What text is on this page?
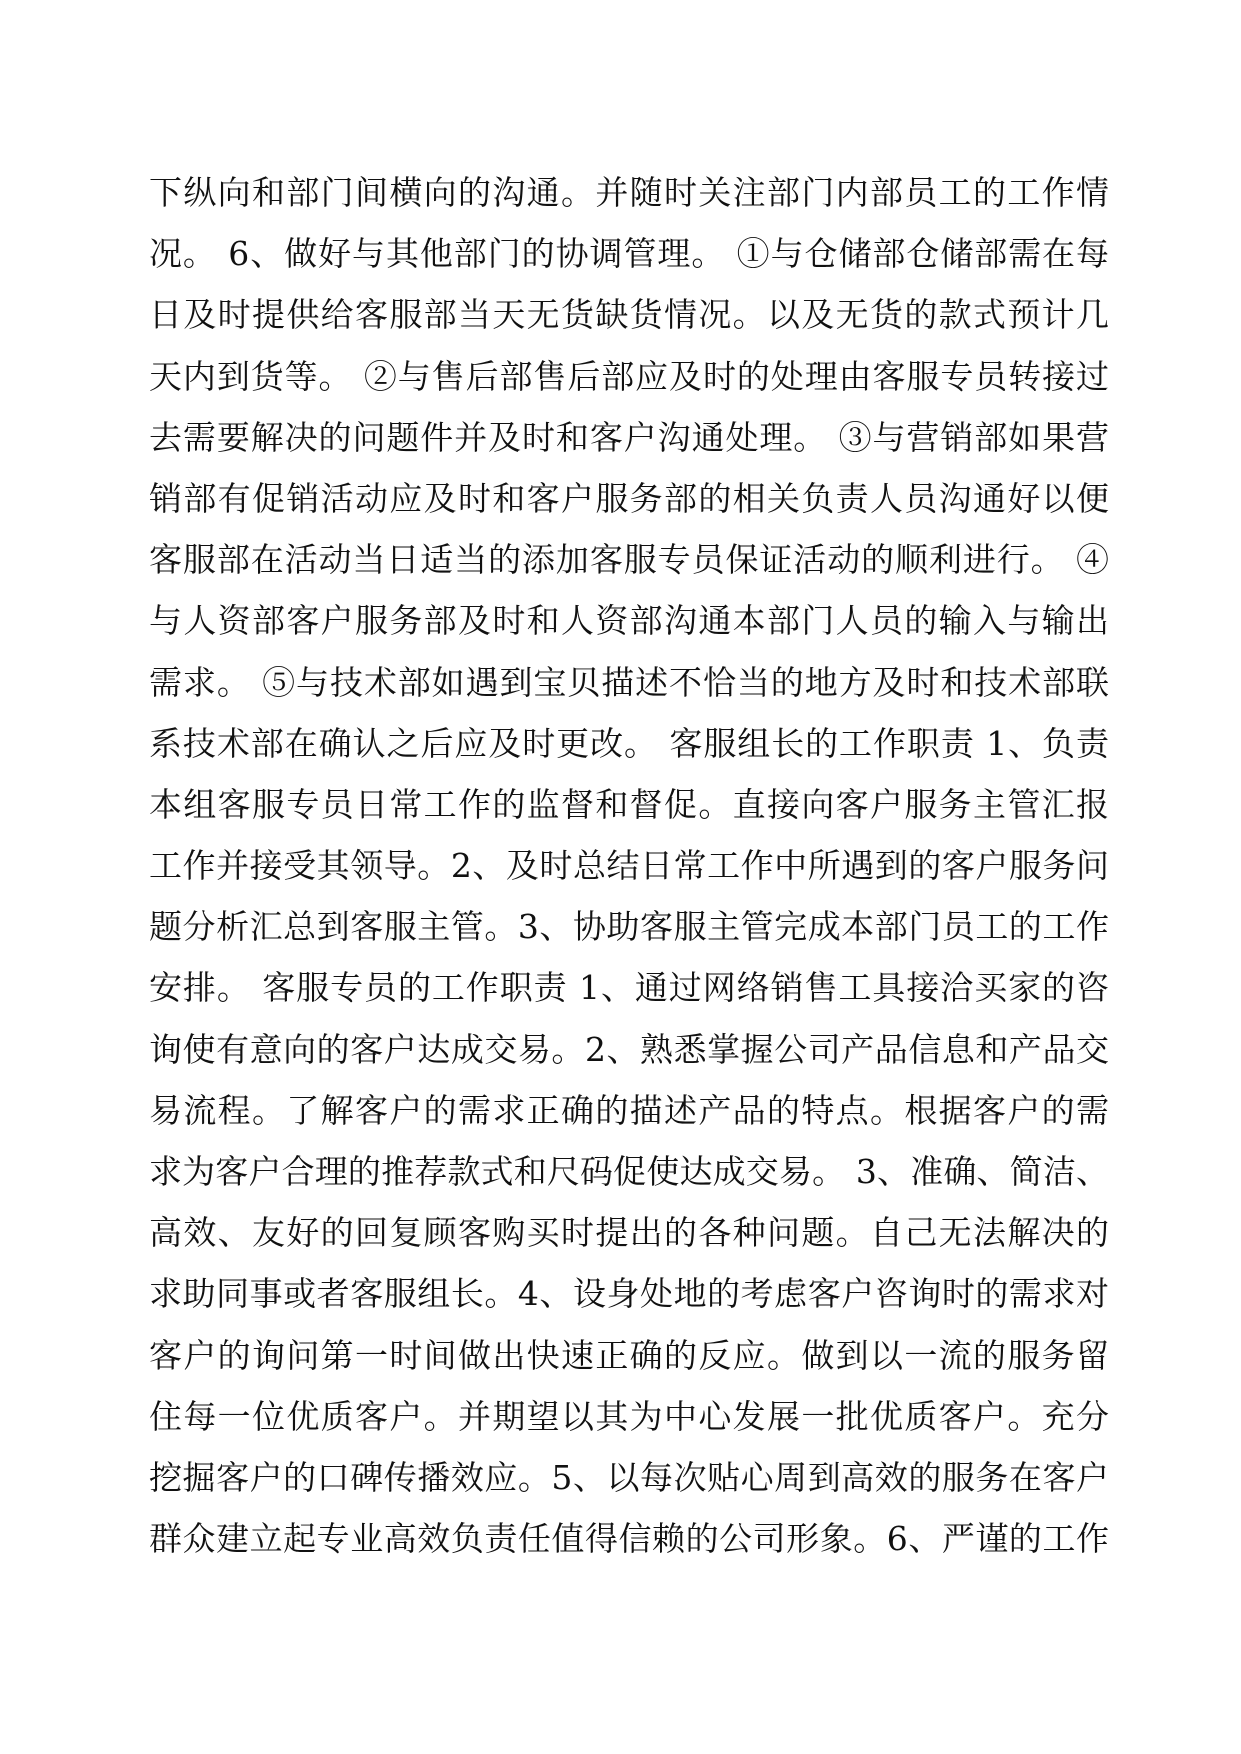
下纵向和部门间横向的沟通。并随时关注部门内部员工的工作情
况。 6、做好与其他部门的协调管理。 ①与仓储部仓储部需在每
日及时提供给客服部当天无货缺货情况。以及无货的款式预计几
天内到货等。 ②与售后部售后部应及时的处理由客服专员转接过
去需要解决的问题件并及时和客户沟通处理。 ③与营销部如果营
销部有促销活动应及时和客户服务部的相关负责人员沟通好以便
客服部在活动当日适当的添加客服专员保证活动的顺利进行。 ④
与人资部客户服务部及时和人资部沟通本部门人员的输入与输出
需求。 ⑤与技术部如遇到宝贝描述不恰当的地方及时和技术部联
系技术部在确认之后应及时更改。 客服组长的工作职责 1、负责
本组客服专员日常工作的监督和督促。直接向客户服务主管汇报
工作并接受其领导。2、及时总结日常工作中所遇到的客户服务问
题分析汇总到客服主管。3、协助客服主管完成本部门员工的工作
安排。 客服专员的工作职责 1、通过网络销售工具接洽买家的咨
询使有意向的客户达成交易。2、熟悉掌握公司产品信息和产品交
易流程。了解客户的需求正确的描述产品的特点。根据客户的需
求为客户合理的推荐款式和尺码促使达成交易。 3、准确、简洁、
高效、友好的回复顾客购买时提出的各种问题。自己无法解决的
求助同事或者客服组长。4、设身处地的考虑客户咨询时的需求对
客户的询问第一时间做出快速正确的反应。做到以一流的服务留
住每一位优质客户。并期望以其为中心发展一批优质客户。充分
挖掘客户的口碑传播效应。5、以每次贴心周到高效的服务在客户
群众建立起专业高效负责任值得信赖的公司形象。6、严谨的工作
